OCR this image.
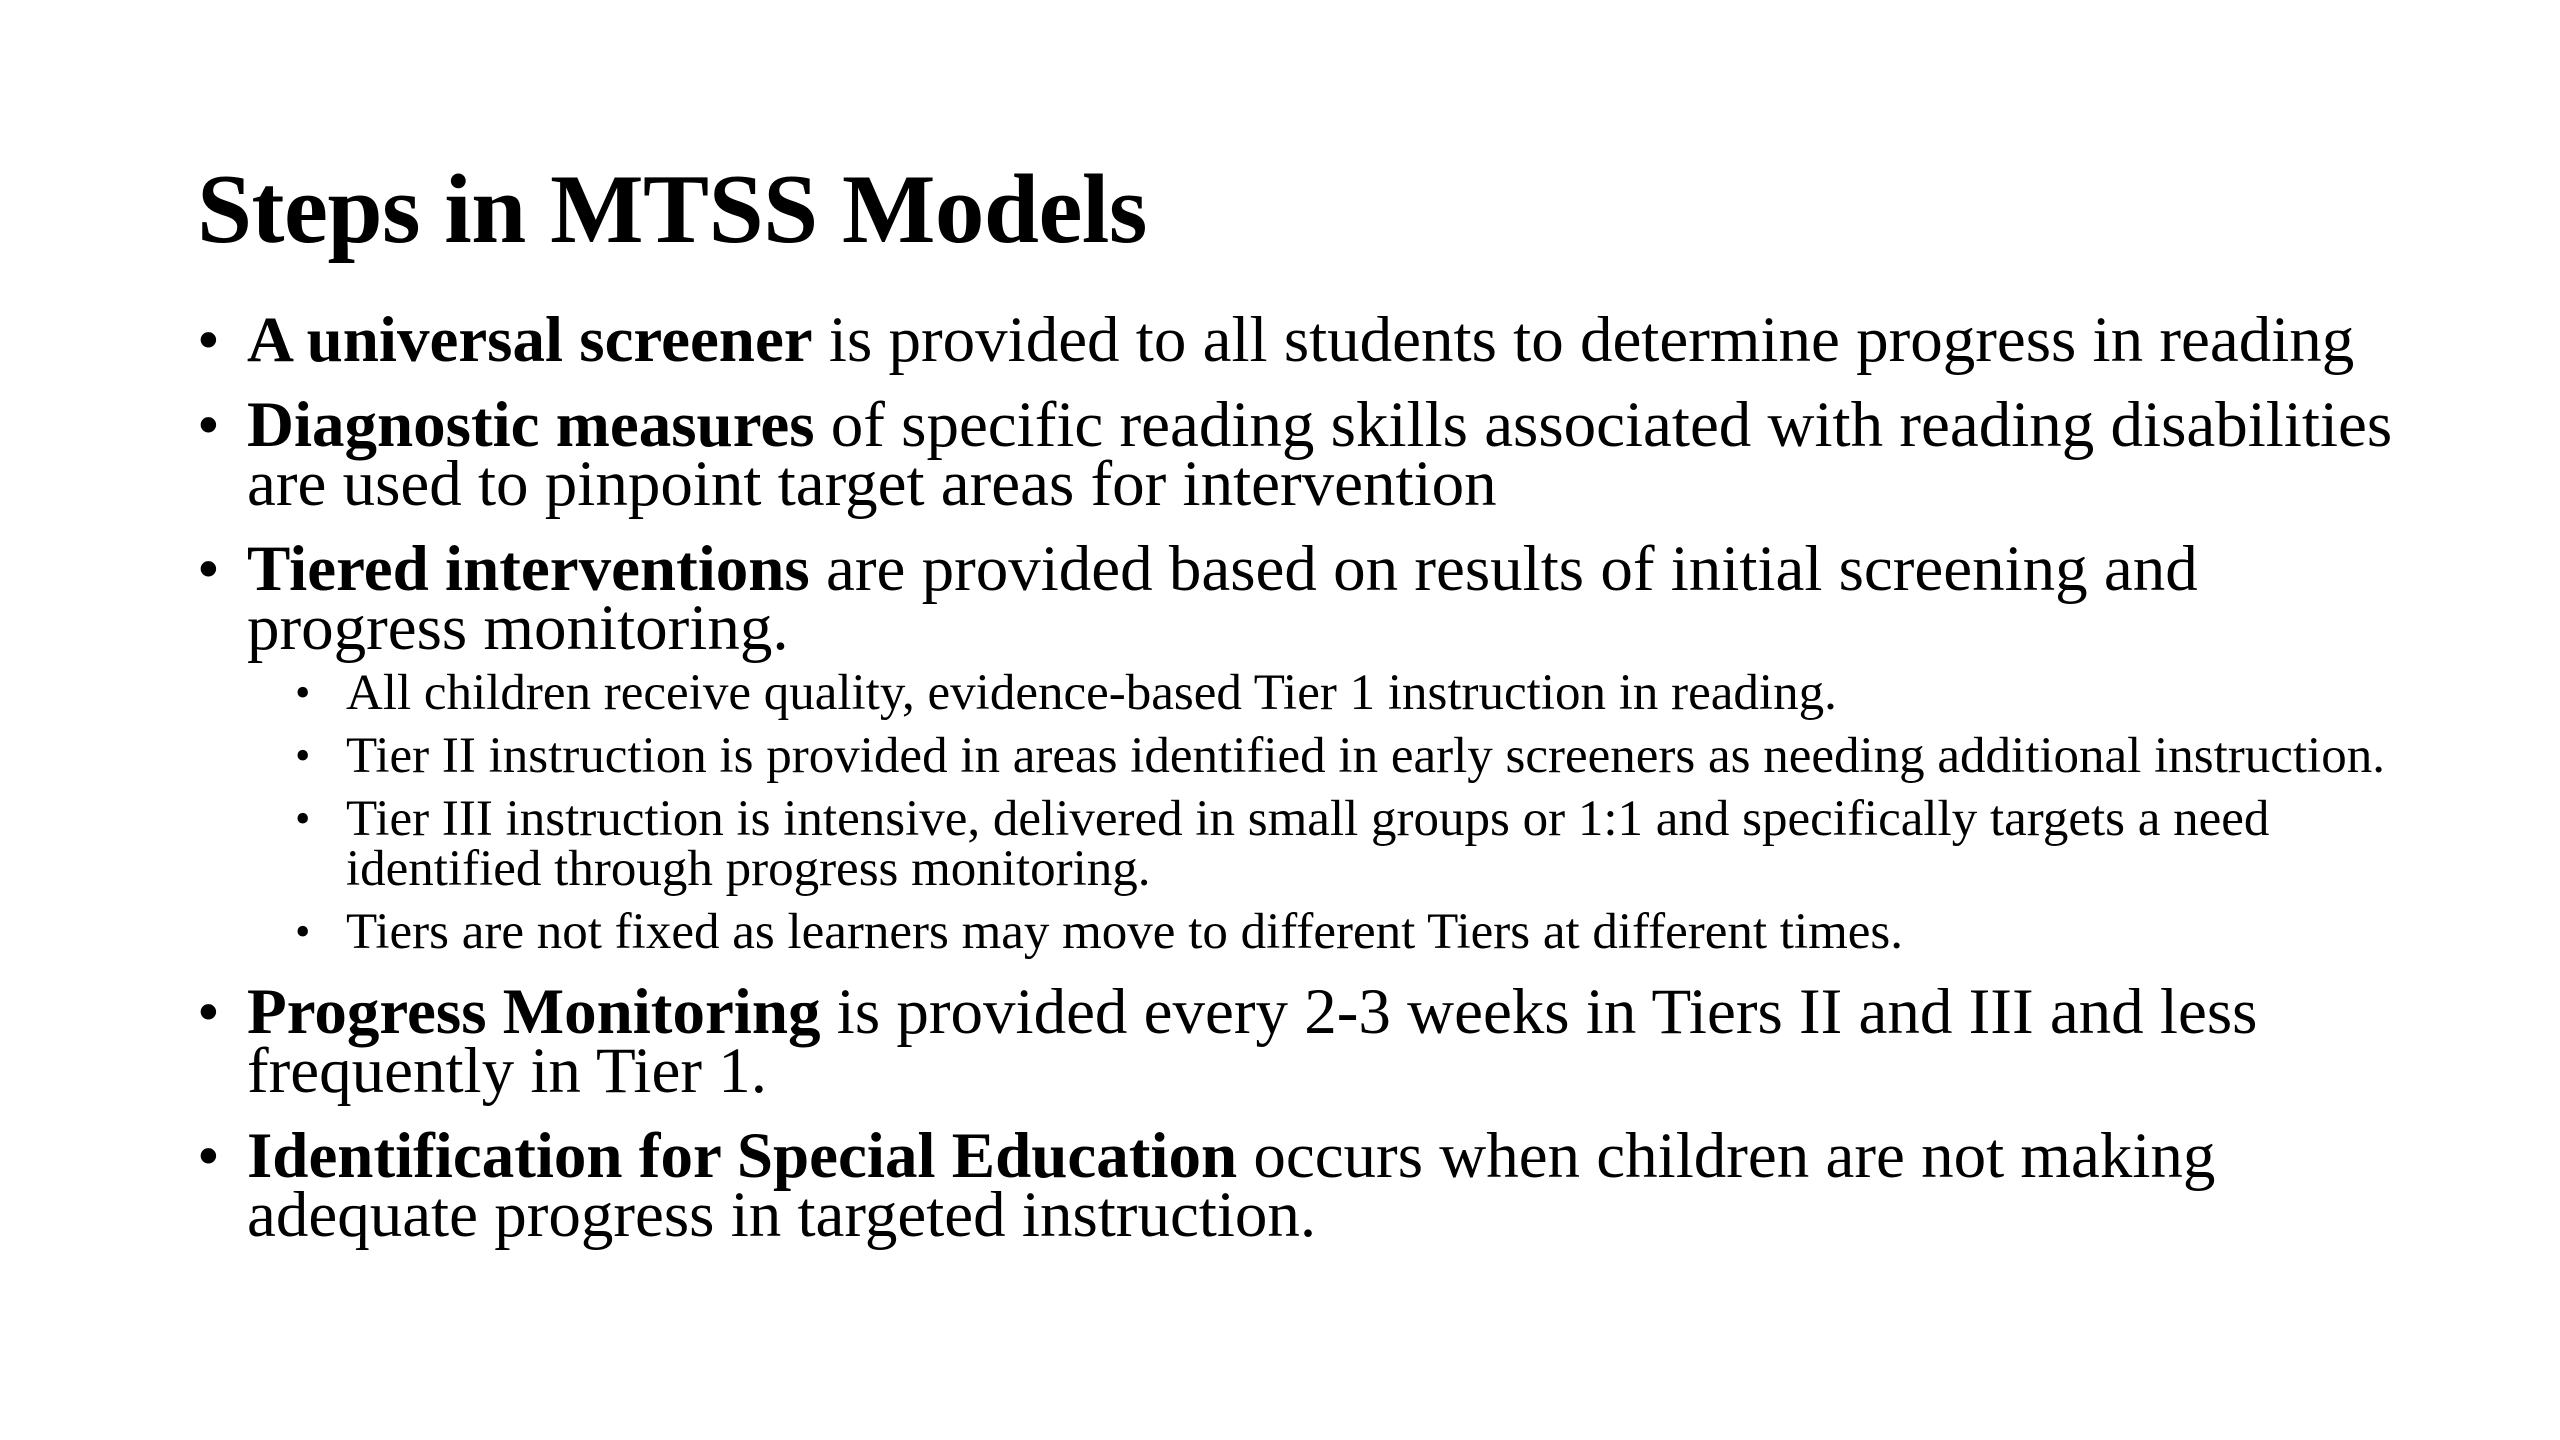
Steps in MTSS Models
• A universal screener is provided to all students to determine progress in reading
• Diagnostic measures of specific reading skills associated with reading disabilities are used to pinpoint target areas for intervention
• Tiered interventions are provided based on results of initial screening and progress monitoring.
• All children receive quality, evidence-based Tier 1 instruction in reading.
• Tier II instruction is provided in areas identified in early screeners as needing additional instruction.
• Tier III instruction is intensive, delivered in small groups or 1:1 and specifically targets a need identified through progress monitoring.
• Tiers are not fixed as learners may move to different Tiers at different times.
• Progress Monitoring is provided every 2-3 weeks in Tiers II and III and less frequently in Tier 1.
• Identification for Special Education occurs when children are not making adequate progress in targeted instruction.
